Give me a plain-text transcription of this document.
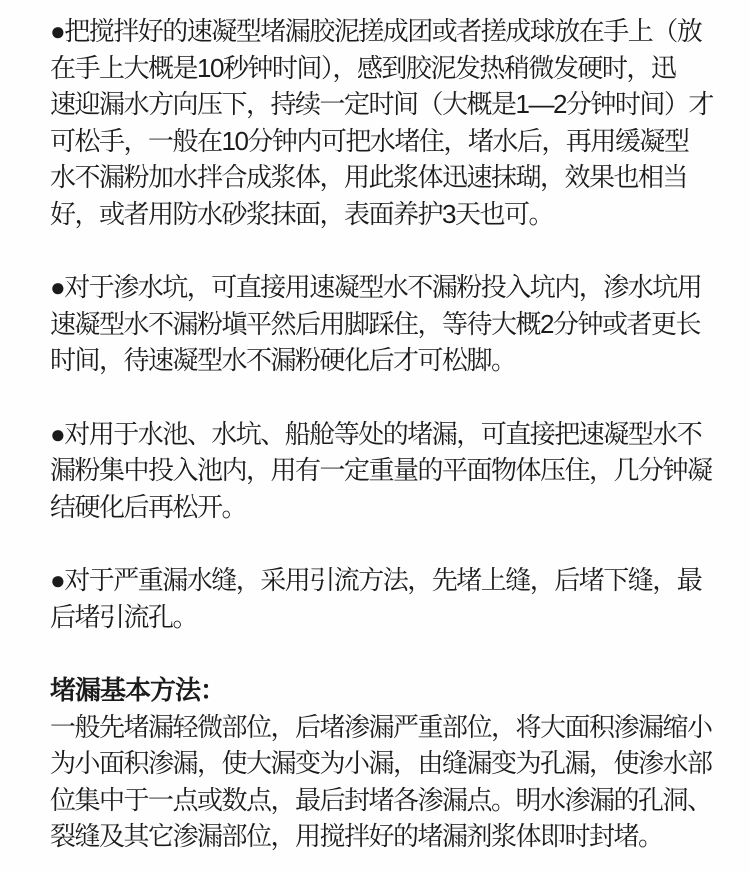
●把搅拌好的速凝型堵漏胶泥搓成团或者搓成球放在手上（放
在手上大概是10秒钟时间），感到胶泥发热稍微发硬时，迅
速迎漏水方向压下，持续一定时间（大概是1—2分钟时间）才
可松手，一般在10分钟内可把水堵住，堵水后，再用缓凝型
水不漏粉加水拌合成浆体，用此浆体迅速抹瑚，效果也相当
好，或者用防水砂浆抹面，表面养护3天也可。
●对于渗水坑，可直接用速凝型水不漏粉投入坑内，渗水坑用
速凝型水不漏粉塡平然后用脚踩住，等待大概2分钟或者更长
时间，待速凝型水不漏粉硬化后才可松脚。
●对用于水池、水坑、船舱等处的堵漏，可直接把速凝型水不
漏粉集中投入池内，用有一定重量的平面物体压住，几分钟凝
结硬化后再松开。
●对于严重漏水缝，采用引流方法，先堵上缝，后堵下缝，最
后堵引流孔。
堵漏基本方法：
一般先堵漏轻微部位，后堵渗漏严重部位，将大面积渗漏缩小
为小面积渗漏，使大漏变为小漏，由缝漏变为孔漏，使渗水部
位集中于一点或数点，最后封堵各渗漏点。明水渗漏的孔洞、
裂缝及其它渗漏部位，用搅拌好的堵漏剂浆体即时封堵。
